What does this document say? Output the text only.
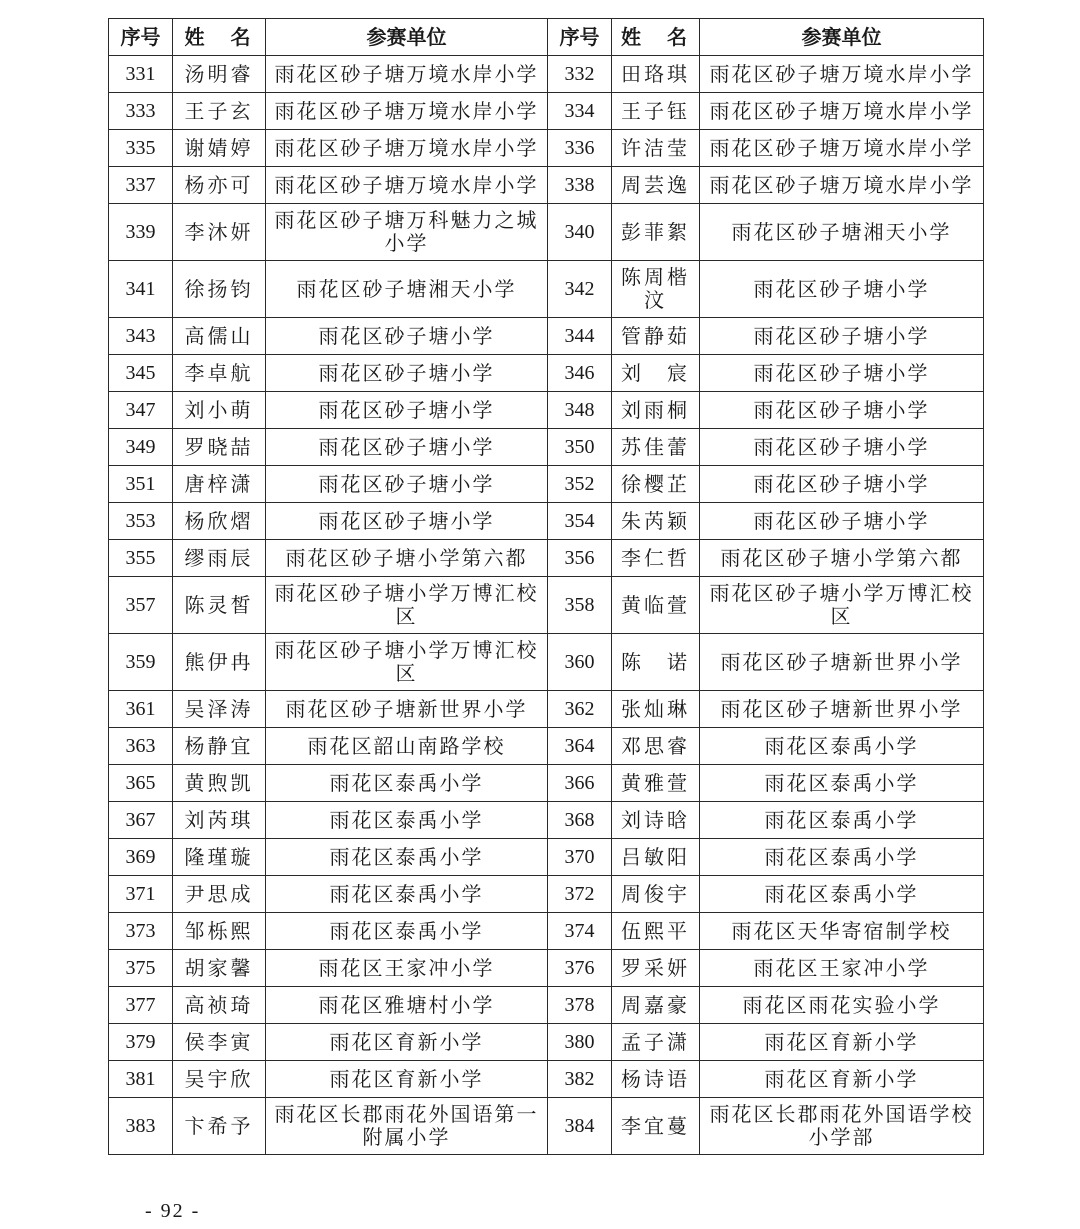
序号	姓　名	参赛单位	序号	姓　名	参赛单位
331	汤明睿	雨花区砂子塘万境水岸小学	332	田珞琪	雨花区砂子塘万境水岸小学
333	王子玄	雨花区砂子塘万境水岸小学	334	王子钰	雨花区砂子塘万境水岸小学
335	谢婧婷	雨花区砂子塘万境水岸小学	336	许洁莹	雨花区砂子塘万境水岸小学
337	杨亦可	雨花区砂子塘万境水岸小学	338	周芸逸	雨花区砂子塘万境水岸小学
339	李沐妍	雨花区砂子塘万科魅力之城小学	340	彭菲絮	雨花区砂子塘湘天小学
341	徐扬钧	雨花区砂子塘湘天小学	342	陈周楷汶	雨花区砂子塘小学
343	高儒山	雨花区砂子塘小学	344	管静茹	雨花区砂子塘小学
345	李卓航	雨花区砂子塘小学	346	刘　宸	雨花区砂子塘小学
347	刘小萌	雨花区砂子塘小学	348	刘雨桐	雨花区砂子塘小学
349	罗晓喆	雨花区砂子塘小学	350	苏佳蕾	雨花区砂子塘小学
351	唐梓潇	雨花区砂子塘小学	352	徐樱芷	雨花区砂子塘小学
353	杨欣熠	雨花区砂子塘小学	354	朱芮颖	雨花区砂子塘小学
355	缪雨辰	雨花区砂子塘小学第六都	356	李仁哲	雨花区砂子塘小学第六都
357	陈灵皙	雨花区砂子塘小学万博汇校区	358	黄临萱	雨花区砂子塘小学万博汇校区
359	熊伊冉	雨花区砂子塘小学万博汇校区	360	陈　诺	雨花区砂子塘新世界小学
361	吴泽涛	雨花区砂子塘新世界小学	362	张灿琳	雨花区砂子塘新世界小学
363	杨静宜	雨花区韶山南路学校	364	邓思睿	雨花区泰禹小学
365	黄煦凯	雨花区泰禹小学	366	黄雅萱	雨花区泰禹小学
367	刘芮琪	雨花区泰禹小学	368	刘诗晗	雨花区泰禹小学
369	隆瑾璇	雨花区泰禹小学	370	吕敏阳	雨花区泰禹小学
371	尹思成	雨花区泰禹小学	372	周俊宇	雨花区泰禹小学
373	邹栎熙	雨花区泰禹小学	374	伍熙平	雨花区天华寄宿制学校
375	胡家馨	雨花区王家冲小学	376	罗采妍	雨花区王家冲小学
377	高祯琦	雨花区雅塘村小学	378	周嘉豪	雨花区雨花实验小学
379	侯李寅	雨花区育新小学	380	孟子潇	雨花区育新小学
381	吴宇欣	雨花区育新小学	382	杨诗语	雨花区育新小学
383	卞希予	雨花区长郡雨花外国语第一附属小学	384	李宜蔓	雨花区长郡雨花外国语学校小学部
- 92 -
